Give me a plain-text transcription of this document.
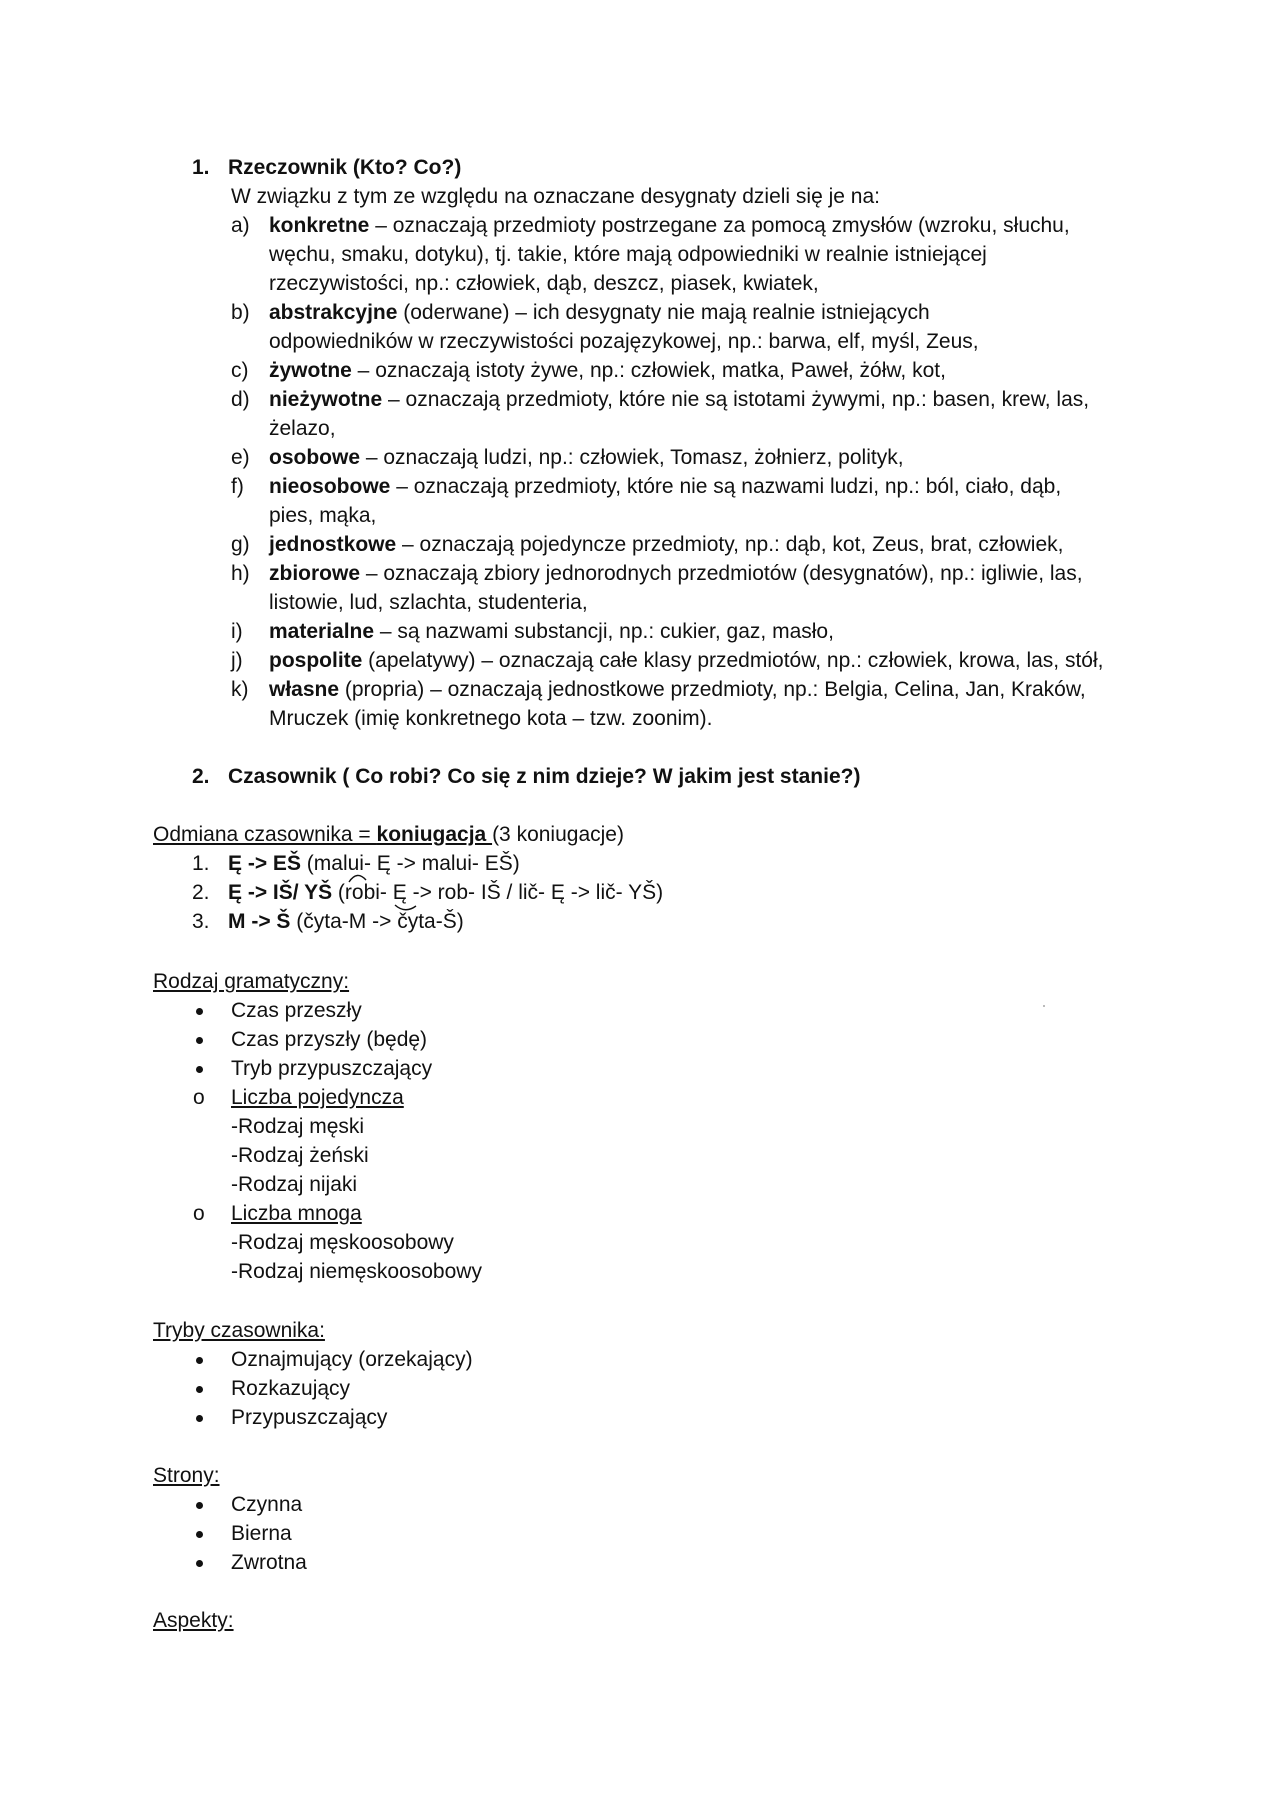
1. Rzeczownik (Kto? Co?)
W związku z tym ze względu na oznaczane desygnaty dzieli się je na:
a) konkretne – oznaczają przedmioty postrzegane za pomocą zmysłów (wzroku, słuchu,
węchu, smaku, dotyku), tj. takie, które mają odpowiedniki w realnie istniejącej
rzeczywistości, np.: człowiek, dąb, deszcz, piasek, kwiatek,
b) abstrakcyjne (oderwane) – ich desygnaty nie mają realnie istniejących
odpowiedników w rzeczywistości pozajęzykowej, np.: barwa, elf, myśl, Zeus,
c) żywotne – oznaczają istoty żywe, np.: człowiek, matka, Paweł, żółw, kot,
d) nieżywotne – oznaczają przedmioty, które nie są istotami żywymi, np.: basen, krew, las,
żelazo,
e) osobowe – oznaczają ludzi, np.: człowiek, Tomasz, żołnierz, polityk,
f) nieosobowe – oznaczają przedmioty, które nie są nazwami ludzi, np.: ból, ciało, dąb,
pies, mąka,
g) jednostkowe – oznaczają pojedyncze przedmioty, np.: dąb, kot, Zeus, brat, człowiek,
h) zbiorowe – oznaczają zbiory jednorodnych przedmiotów (desygnatów), np.: igliwie, las,
listowie, lud, szlachta, studenteria,
i) materialne – są nazwami substancji, np.: cukier, gaz, masło,
j) pospolite (apelatywy) – oznaczają całe klasy przedmiotów, np.: człowiek, krowa, las, stół,
k) własne (propria) – oznaczają jednostkowe przedmioty, np.: Belgia, Celina, Jan, Kraków,
Mruczek (imię konkretnego kota – tzw. zoonim).
2. Czasownik ( Co robi? Co się z nim dzieje? W jakim jest stanie?)
Odmiana czasownika = koniugacja (3 koniugacje)
1. Ę -> EŠ (malui- Ę -> malui- EŠ)
2. Ę -> IŠ/ YŠ (robi- Ę -> rob- IŠ / lič- Ę -> lič- YŠ)
3. M -> Š (čyta-M -> čyta-Š)
Rodzaj gramatyczny:
Czas przeszły
Czas przyszły (będę)
Tryb przypuszczający
o Liczba pojedyncza
-Rodzaj męski
-Rodzaj żeński
-Rodzaj nijaki
o Liczba mnoga
-Rodzaj męskoosobowy
-Rodzaj niemęskoosobowy
Tryby czasownika:
Oznajmujący (orzekający)
Rozkazujący
Przypuszczający
Strony:
Czynna
Bierna
Zwrotna
Aspekty:
